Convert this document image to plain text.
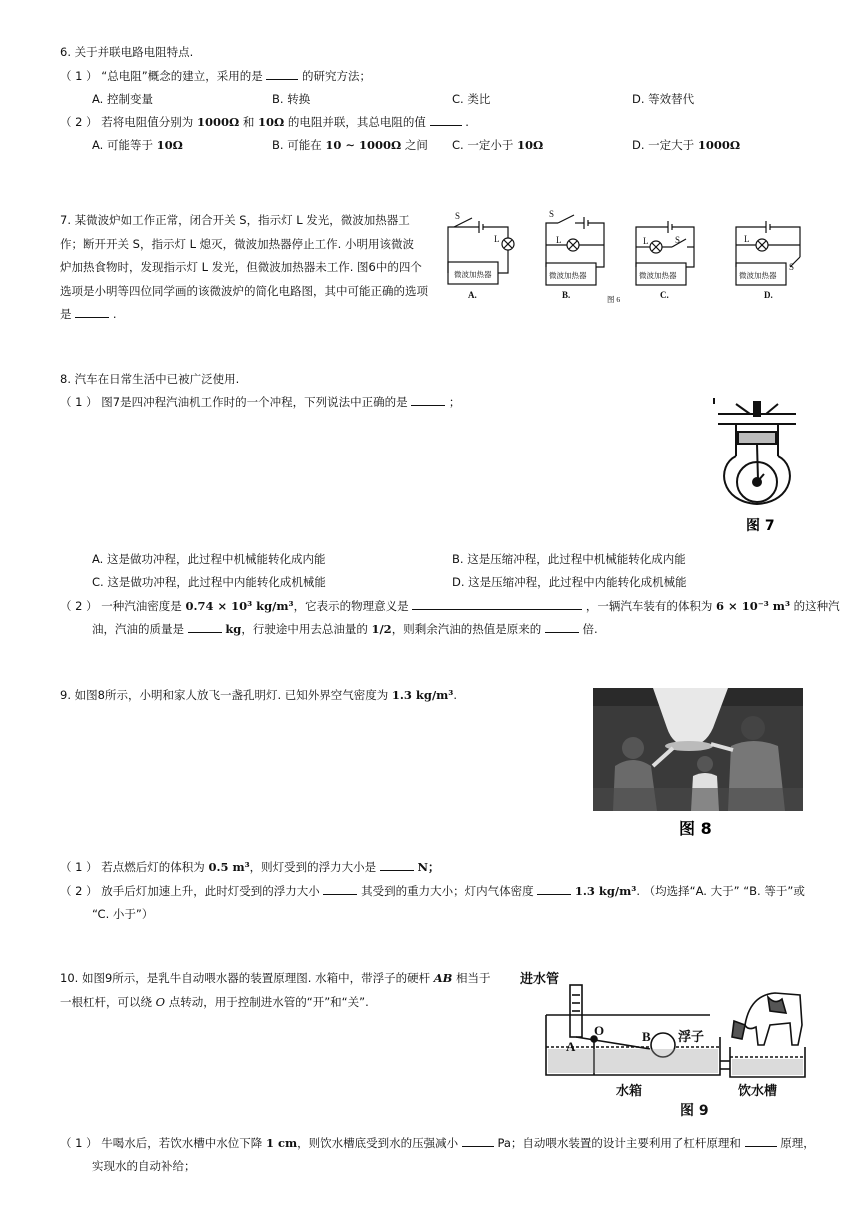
6. 关于并联电路电阻特点.
（ 1 ） “总电阻”概念的建立，采用的是	的研究方法；
A. 控制变量	B. 转换	C. 类比	D. 等效替代
（ 2 ） 若将电阻值分别为 1000Ω 和 10Ω 的电阻并联，其总电阻的值	.
A. 可能等于 10Ω	B. 可能在 10 ∼ 1000Ω 之间 C. 一定小于 10Ω	D. 一定大于 1000Ω
7. 某微波炉如工作正常，闭合开关 S，指示灯 L 发光，微波加热器工
作；断开开关 S，指示灯 L 熄灭，微波加热器停止工作. 小明用该微波
炉加热食物时，发现指示灯 L 发光，但微波加热器未工作. 图6中的四个
选项是小明等四位同学画的该微波炉的简化电路图，其中可能正确的选项
是	.
微波加热器	微波加热器	微波加热器	微波加热器
S
L
S
L	L	S	L
S
A.	B.	C.	D.
图 6
8. 汽车在日常生活中已被广泛使用.
（ 1 ） 图7是四冲程汽油机工作时的一个冲程，下列说法中正确的是	；
图 7
A. 这是做功冲程，此过程中机械能转化成内能	B. 这是压缩冲程，此过程中机械能转化成内能
C. 这是做功冲程，此过程中内能转化成机械能	D. 这是压缩冲程，此过程中内能转化成机械能
（ 2 ） 一种汽油密度是 0.74 × 10³ kg/m³，它表示的物理意义是	，一辆汽车装有的体积为 6 × 10⁻³ m³ 的这种汽
油，汽油的质量是	kg，行驶途中用去总油量的 1/2，则剩余汽油的热值是原来的	倍.
9. 如图8所示，小明和家人放飞一盏孔明灯. 已知外界空气密度为 1.3 kg/m³.
图 8
（ 1 ） 若点燃后灯的体积为 0.5 m³，则灯受到的浮力大小是	N；
（ 2 ） 放手后灯加速上升，此时灯受到的浮力大小	其受到的重力大小；灯内气体密度	1.3 kg/m³. （均选择“A. 大于” “B. 等于”或
“C. 小于”）
10. 如图9所示，是乳牛自动喂水器的装置原理图. 水箱中，带浮子的硬杆 AB 相当于
一根杠杆，可以绕 O 点转动，用于控制进水管的“开”和“关”.
进水管
O
A
B 浮子
水箱	饮水槽
图 9
（ 1 ） 牛喝水后，若饮水槽中水位下降 1 cm，则饮水槽底受到水的压强减小	Pa；自动喂水装置的设计主要利用了杠杆原理和	原理，
实现水的自动补给；
